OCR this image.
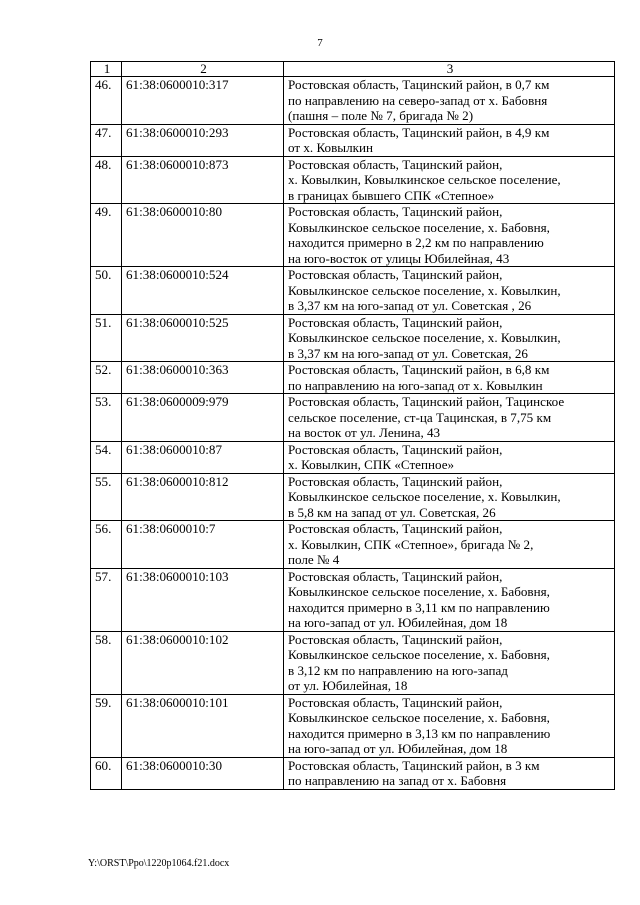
7
1	2	3
46.	61:38:0600010:317	Ростовская область, Тацинский район, в 0,7 км
по направлению на северо-запад от х. Бабовня
(пашня – поле № 7, бригада № 2)
47.	61:38:0600010:293	Ростовская область, Тацинский район, в 4,9 км
от х. Ковылкин
48.	61:38:0600010:873	Ростовская область, Тацинский район,
х. Ковылкин, Ковылкинское сельское поселение,
в границах бывшего СПК «Степное»
49.	61:38:0600010:80	Ростовская область, Тацинский район,
Ковылкинское сельское поселение, х. Бабовня,
находится примерно в 2,2 км по направлению
на юго-восток от улицы Юбилейная, 43
50.	61:38:0600010:524	Ростовская область, Тацинский район,
Ковылкинское сельское поселение, х. Ковылкин,
в 3,37 км на юго-запад от ул. Советская , 26
51.	61:38:0600010:525	Ростовская область, Тацинский район,
Ковылкинское сельское поселение, х. Ковылкин,
в 3,37 км на юго-запад от ул. Советская, 26
52.	61:38:0600010:363	Ростовская область, Тацинский район, в 6,8 км
по направлению на юго-запад от х. Ковылкин
53.	61:38:0600009:979	Ростовская область, Тацинский район, Тацинское
сельское поселение, ст-ца Тацинская, в 7,75 км
на восток от ул. Ленина, 43
54.	61:38:0600010:87	Ростовская область, Тацинский район,
х. Ковылкин, СПК «Степное»
55.	61:38:0600010:812	Ростовская область, Тацинский район,
Ковылкинское сельское поселение, х. Ковылкин,
в 5,8 км на запад от ул. Советская, 26
56.	61:38:0600010:7	Ростовская область, Тацинский район,
х. Ковылкин, СПК «Степное», бригада № 2,
поле № 4
57.	61:38:0600010:103	Ростовская область, Тацинский район,
Ковылкинское сельское поселение, х. Бабовня,
находится примерно в 3,11 км по направлению
на юго-запад от ул. Юбилейная, дом 18
58.	61:38:0600010:102	Ростовская область, Тацинский район,
Ковылкинское сельское поселение, х. Бабовня,
в 3,12 км по направлению на юго-запад
от ул. Юбилейная, 18
59.	61:38:0600010:101	Ростовская область, Тацинский район,
Ковылкинское сельское поселение, х. Бабовня,
находится примерно в 3,13 км по направлению
на юго-запад от ул. Юбилейная, дом 18
60.	61:38:0600010:30	Ростовская область, Тацинский район, в 3 км
по направлению на запад от х. Бабовня
Y:\ORST\Ppo\1220p1064.f21.docx
